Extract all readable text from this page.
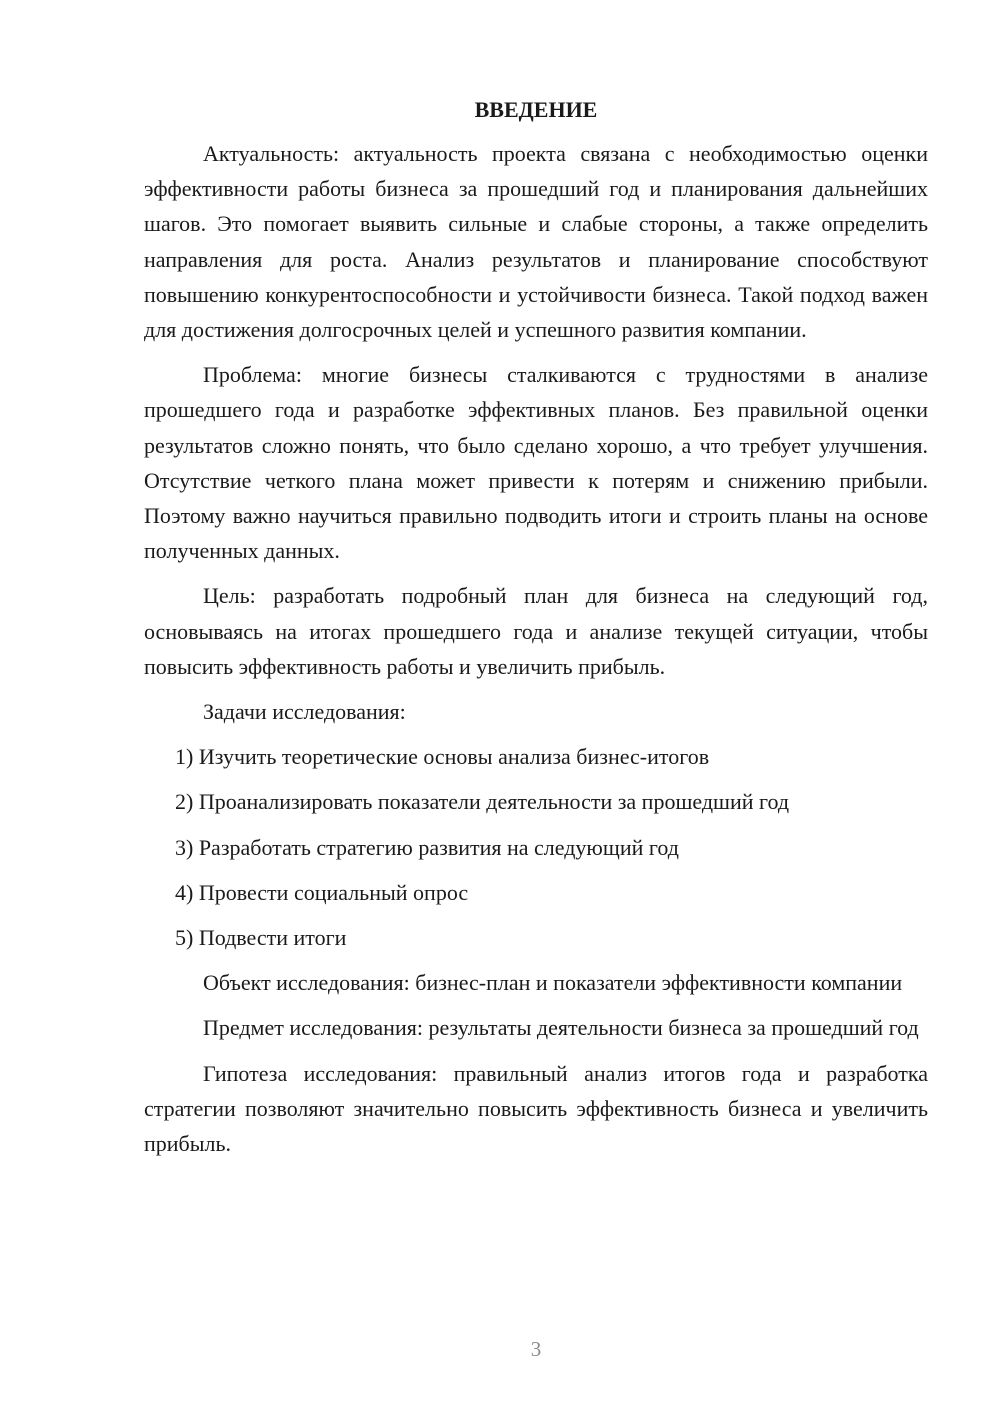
ВВЕДЕНИЕ

Актуальность: актуальность проекта связана с необходимостью оценки эффективности работы бизнеса за прошедший год и планирования дальнейших шагов. Это помогает выявить сильные и слабые стороны, а также определить направления для роста. Анализ результатов и планирование способствуют повышению конкурентоспособности и устойчивости бизнеса. Такой подход важен для достижения долгосрочных целей и успешного развития компании.

Проблема: многие бизнесы сталкиваются с трудностями в анализе прошедшего года и разработке эффективных планов. Без правильной оценки результатов сложно понять, что было сделано хорошо, а что требует улучшения. Отсутствие четкого плана может привести к потерям и снижению прибыли. Поэтому важно научиться правильно подводить итоги и строить планы на основе полученных данных.

Цель: разработать подробный план для бизнеса на следующий год, основываясь на итогах прошедшего года и анализе текущей ситуации, чтобы повысить эффективность работы и увеличить прибыль.

Задачи исследования:

1) Изучить теоретические основы анализа бизнес-итогов
2) Проанализировать показатели деятельности за прошедший год
3) Разработать стратегию развития на следующий год
4) Провести социальный опрос
5) Подвести итоги

Объект исследования: бизнес-план и показатели эффективности компании

Предмет исследования: результаты деятельности бизнеса за прошедший год

Гипотеза исследования: правильный анализ итогов года и разработка стратегии позволяют значительно повысить эффективность бизнеса и увеличить прибыль.

3
